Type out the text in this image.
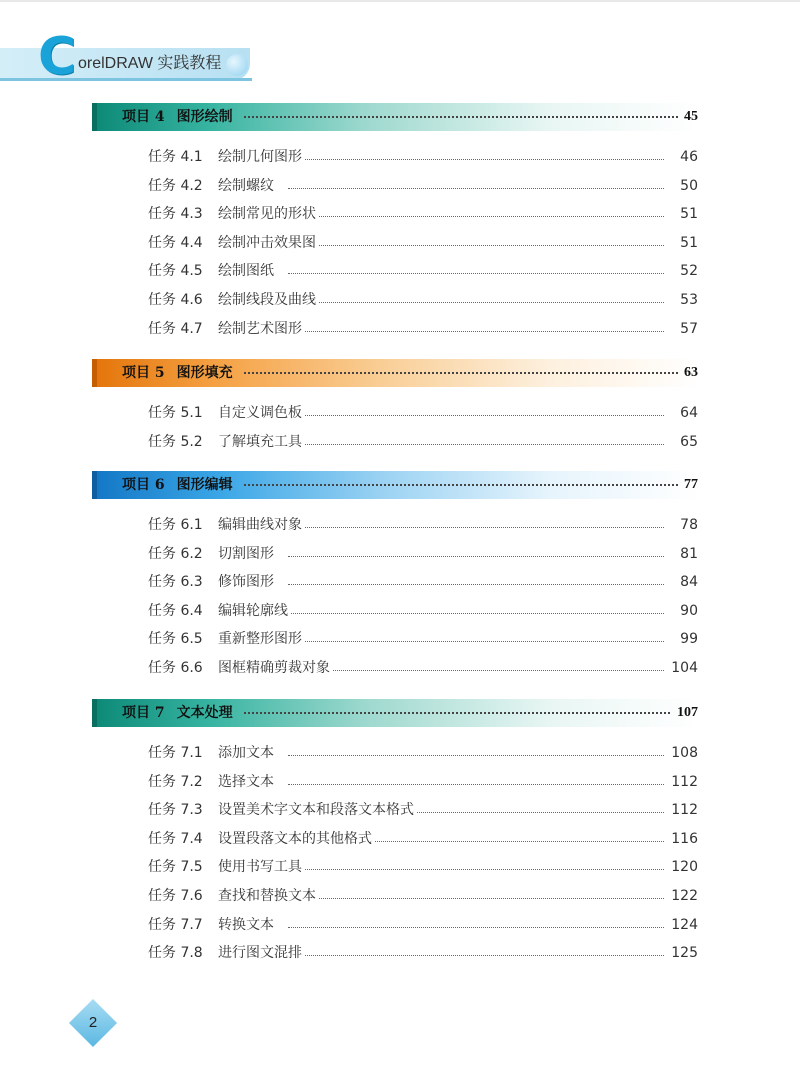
C orelDRAW 实践教程
项目 4 图形绘制	45
任务 4.1 绘制几何图形	46
任务 4.2 绘制螺纹	50
任务 4.3 绘制常见的形状	51
任务 4.4 绘制冲击效果图	51
任务 4.5 绘制图纸	52
任务 4.6 绘制线段及曲线	53
任务 4.7 绘制艺术图形	57
项目 5 图形填充	63
任务 5.1 自定义调色板	64
任务 5.2 了解填充工具	65
项目 6 图形编辑	77
任务 6.1 编辑曲线对象	78
任务 6.2 切割图形	81
任务 6.3 修饰图形	84
任务 6.4 编辑轮廓线	90
任务 6.5 重新整形图形	99
任务 6.6 图框精确剪裁对象	104
项目 7 文本处理	107
任务 7.1 添加文本	108
任务 7.2 选择文本	112
任务 7.3 设置美术字文本和段落文本格式	112
任务 7.4 设置段落文本的其他格式	116
任务 7.5 使用书写工具	120
任务 7.6 查找和替换文本	122
任务 7.7 转换文本	124
任务 7.8 进行图文混排	125
2
